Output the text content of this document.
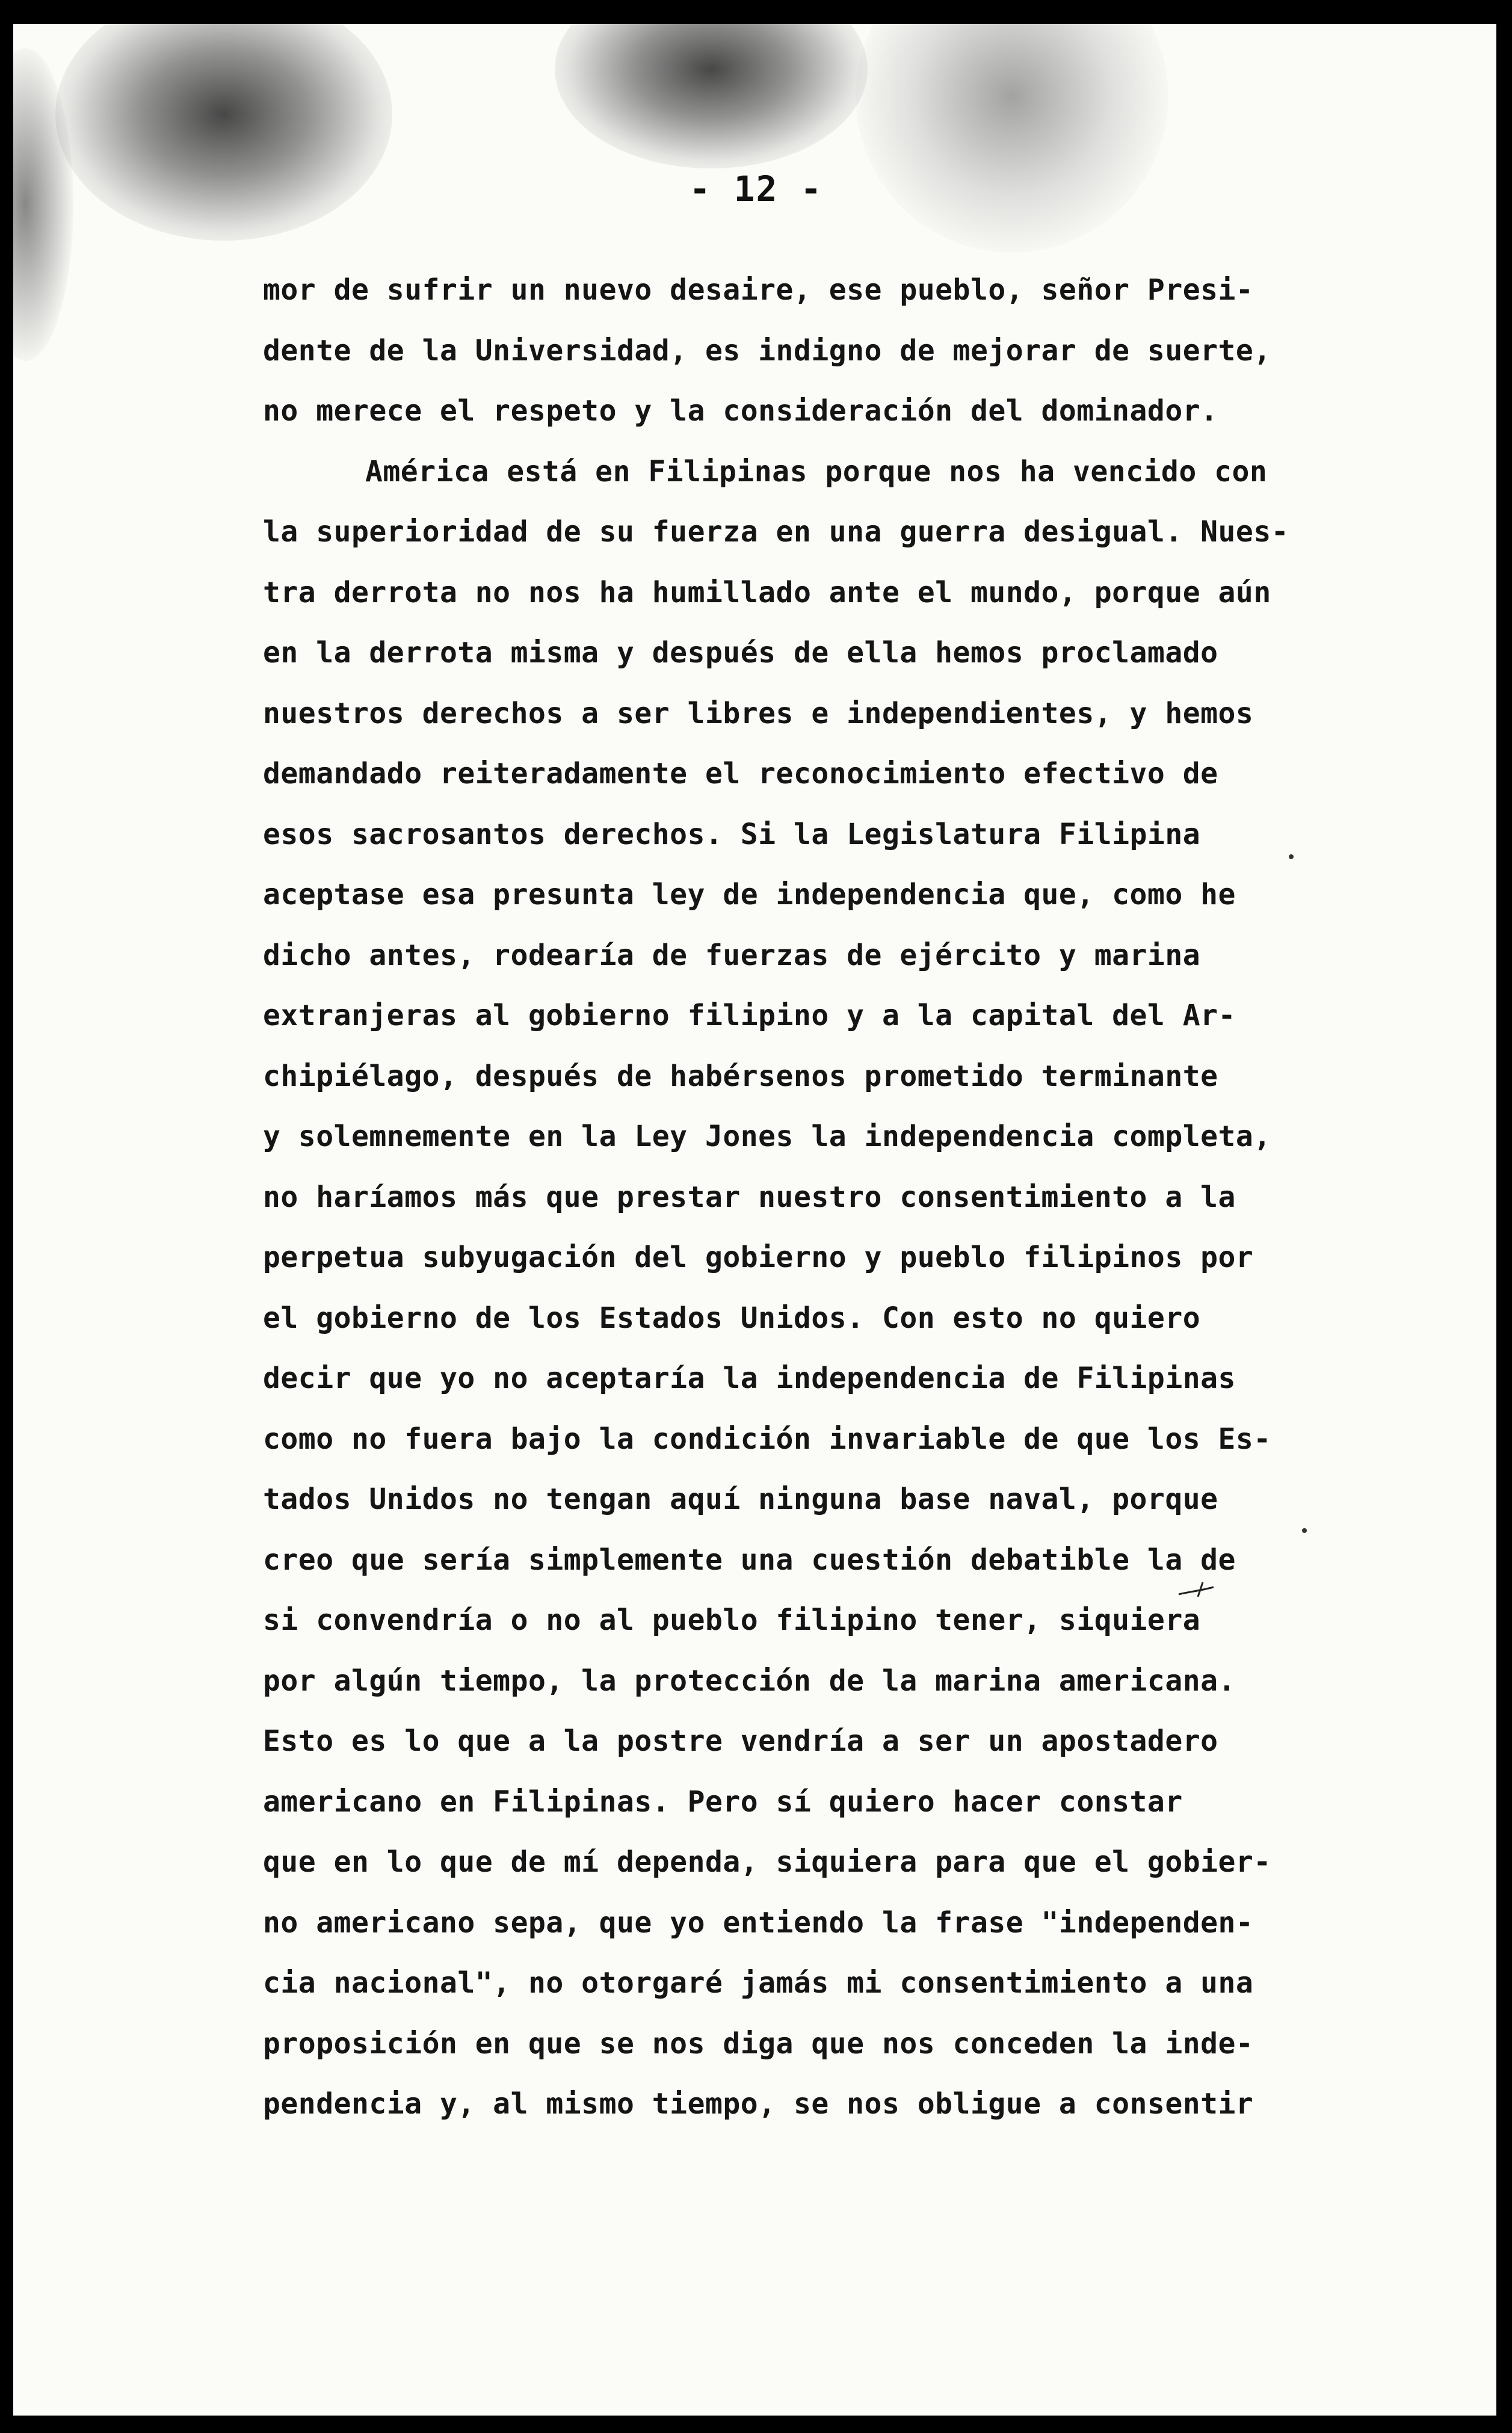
- 12 -
mor de sufrir un nuevo desaire, ese pueblo, señor Presi-
dente de la Universidad, es indigno de mejorar de suerte,
no merece el respeto y la consideración del dominador.
América está en Filipinas porque nos ha vencido con
la superioridad de su fuerza en una guerra desigual. Nues-
tra derrota no nos ha humillado ante el mundo, porque aún
en la derrota misma y después de ella hemos proclamado
nuestros derechos a ser libres e independientes, y hemos
demandado reiteradamente el reconocimiento efectivo de
esos sacrosantos derechos. Si la Legislatura Filipina
aceptase esa presunta ley de independencia que, como he
dicho antes, rodearía de fuerzas de ejército y marina
extranjeras al gobierno filipino y a la capital del Ar-
chipiélago, después de habérsenos prometido terminante
y solemnemente en la Ley Jones la independencia completa,
no haríamos más que prestar nuestro consentimiento a la
perpetua subyugación del gobierno y pueblo filipinos por
el gobierno de los Estados Unidos. Con esto no quiero
decir que yo no aceptaría la independencia de Filipinas
como no fuera bajo la condición invariable de que los Es-
tados Unidos no tengan aquí ninguna base naval, porque
creo que sería simplemente una cuestión debatible la de
si convendría o no al pueblo filipino tener, siquiera
por algún tiempo, la protección de la marina americana.
Esto es lo que a la postre vendría a ser un apostadero
americano en Filipinas. Pero sí quiero hacer constar
que en lo que de mí dependa, siquiera para que el gobier-
no americano sepa, que yo entiendo la frase "independen-
cia nacional", no otorgaré jamás mi consentimiento a una
proposición en que se nos diga que nos conceden la inde-
pendencia y, al mismo tiempo, se nos obligue a consentir
